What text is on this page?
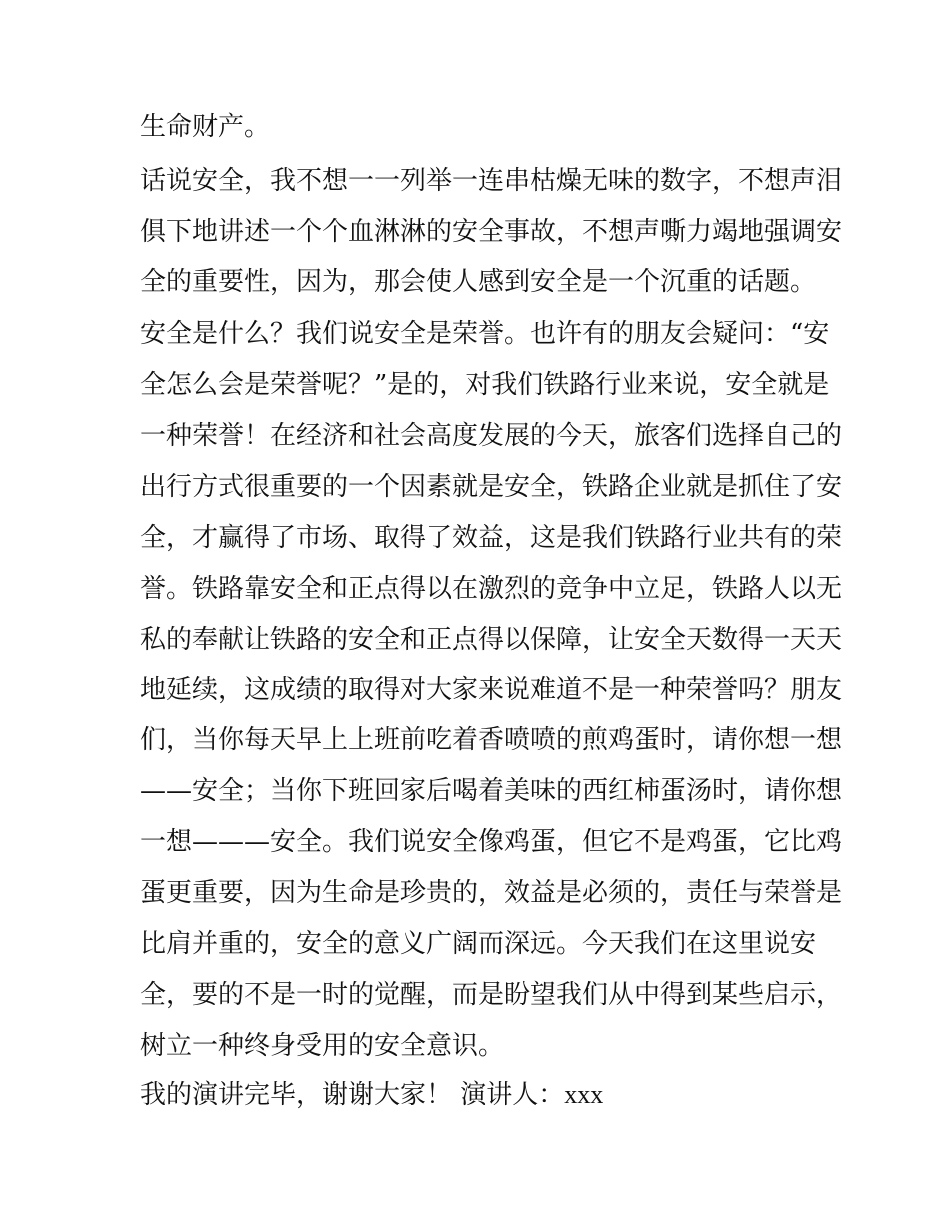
生命财产。
话说安全，我不想一一列举一连串枯燥无味的数字，不想声泪
俱下地讲述一个个血淋淋的安全事故，不想声嘶力竭地强调安
全的重要性，因为，那会使人感到安全是一个沉重的话题。
安全是什么？我们说安全是荣誉。也许有的朋友会疑问：“安
全怎么会是荣誉呢？”是的，对我们铁路行业来说，安全就是
一种荣誉！在经济和社会高度发展的今天，旅客们选择自己的
出行方式很重要的一个因素就是安全，铁路企业就是抓住了安
全，才赢得了市场、取得了效益，这是我们铁路行业共有的荣
誉。铁路靠安全和正点得以在激烈的竞争中立足，铁路人以无
私的奉献让铁路的安全和正点得以保障，让安全天数得一天天
地延续，这成绩的取得对大家来说难道不是一种荣誉吗？朋友
们，当你每天早上上班前吃着香喷喷的煎鸡蛋时，请你想一想
——安全；当你下班回家后喝着美味的西红柿蛋汤时，请你想
一想———安全。我们说安全像鸡蛋，但它不是鸡蛋，它比鸡
蛋更重要，因为生命是珍贵的，效益是必须的，责任与荣誉是
比肩并重的，安全的意义广阔而深远。今天我们在这里说安
全，要的不是一时的觉醒，而是盼望我们从中得到某些启示，
树立一种终身受用的安全意识。
我的演讲完毕，谢谢大家！ 演讲人：xxx
